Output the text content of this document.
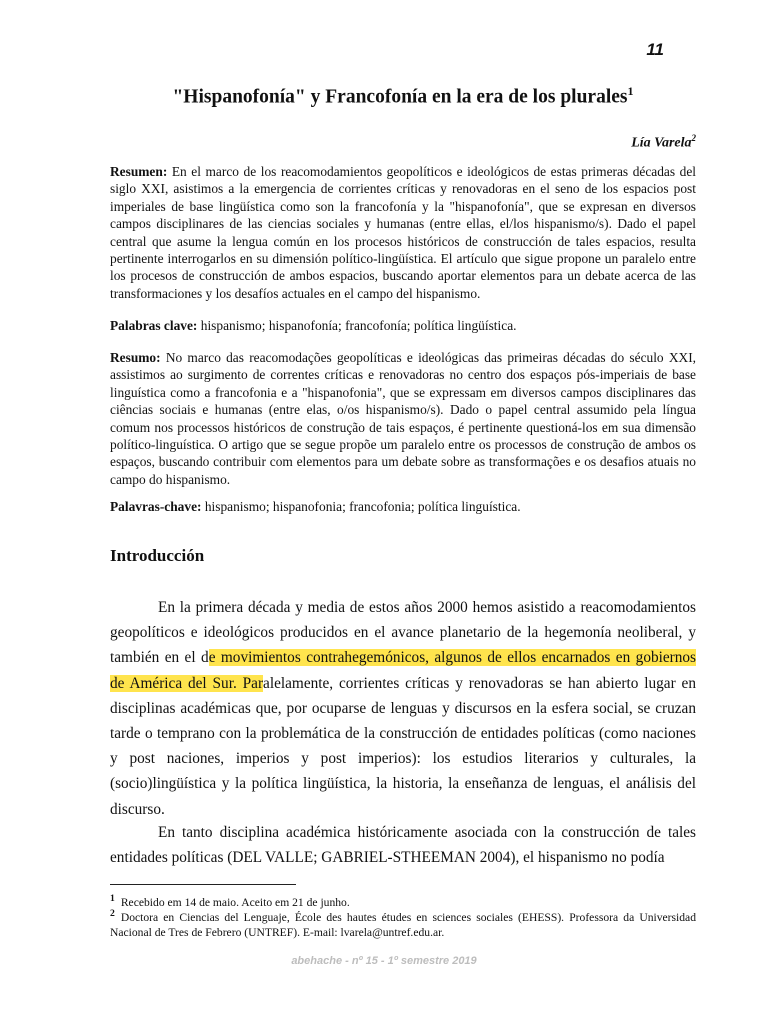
11
"Hispanofonía" y Francofonía en la era de los plurales$^1$
Lía Varela$^2$

Resumen: En el marco de los reacomodamientos geopolíticos e ideológicos de estas primeras décadas del siglo XXI, asistimos a la emergencia de corrientes críticas y renovadoras en el seno de los espacios post imperiales de base lingüística como son la francofonía y la "hispanofonía", que se expresan en diversos campos disciplinares de las ciencias sociales y humanas (entre ellas, el/los hispanismo/s). Dado el papel central que asume la lengua común en los procesos históricos de construcción de tales espacios, resulta pertinente interrogarlos en su dimensión político-lingüística. El artículo que sigue propone un paralelo entre los procesos de construcción de ambos espacios, buscando aportar elementos para un debate acerca de las transformaciones y los desafíos actuales en el campo del hispanismo.

Palabras clave: hispanismo; hispanofonía; francofonía; política lingüística.

Resumo: No marco das reacomodações geopolíticas e ideológicas das primeiras décadas do século XXI, assistimos ao surgimento de correntes críticas e renovadoras no centro dos espaços pós-imperiais de base linguística como a francofonia e a "hispanofonia", que se expressam em diversos campos disciplinares das ciências sociais e humanas (entre elas, o/os hispanismo/s). Dado o papel central assumido pela língua comum nos processos históricos de construção de tais espaços, é pertinente questioná-los em sua dimensão político-linguística. O artigo que se segue propõe um paralelo entre os processos de construção de ambos os espaços, buscando contribuir com elementos para um debate sobre as transformações e os desafios atuais no campo do hispanismo.

Palavras-chave: hispanismo; hispanofonia; francofonia; política linguística.

Introducción

En la primera década y media de estos años 2000 hemos asistido a reacomodamientos geopolíticos e ideológicos producidos en el avance planetario de la hegemonía neoliberal, y también en el de movimientos contrahegemónicos, algunos de ellos encarnados en gobiernos de América del Sur. Paralelamente, corrientes críticas y renovadoras se han abierto lugar en disciplinas académicas que, por ocuparse de lenguas y discursos en la esfera social, se cruzan tarde o temprano con la problemática de la construcción de entidades políticas (como naciones y post naciones, imperios y post imperios): los estudios literarios y culturales, la (socio)lingüística y la política lingüística, la historia, la enseñanza de lenguas, el análisis del discurso.

En tanto disciplina académica históricamente asociada con la construcción de tales entidades políticas (DEL VALLE; GABRIEL-STHEEMAN 2004), el hispanismo no podía

$^1$ Recebido em 14 de maio. Aceito em 21 de junho.

$^2$ Doctora en Ciencias del Lenguaje, École des hautes études en sciences sociales (EHESS). Professora da Universidad Nacional de Tres de Febrero (UNTREF). E-mail: lvarela@untref.edu.ar.

abehache - nº 15 - 1º semestre 2019
